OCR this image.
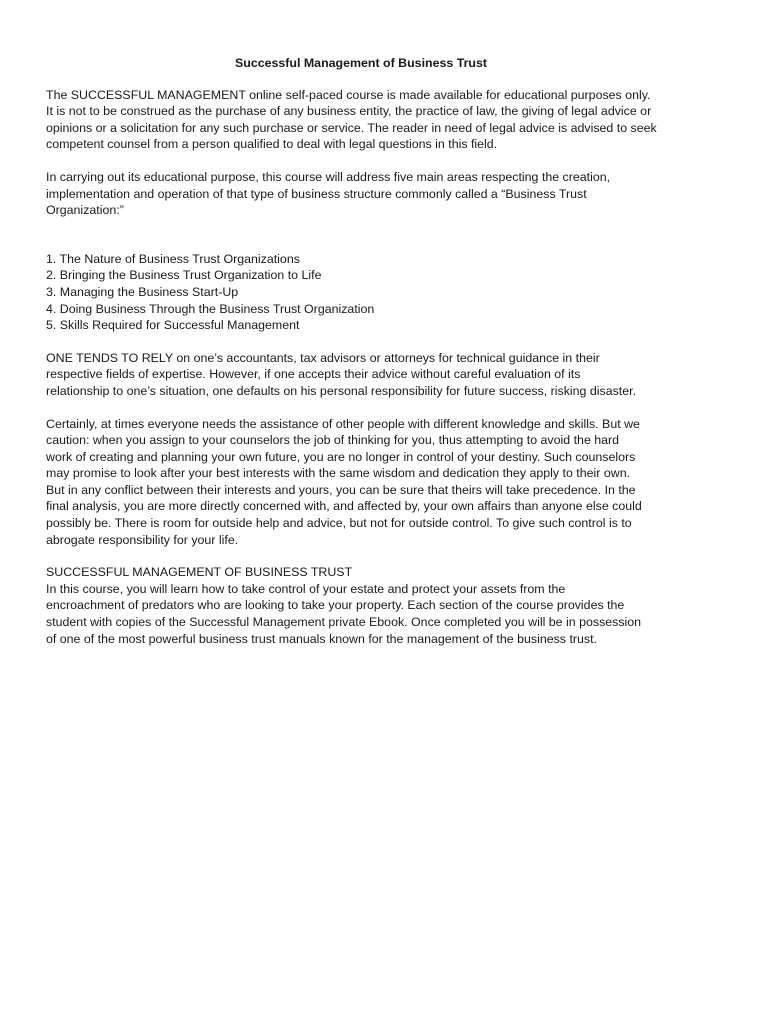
Successful Management of Business Trust
The SUCCESSFUL MANAGEMENT online self-paced course is made available for educational purposes only.
It is not to be construed as the purchase of any business entity, the practice of law, the giving of legal advice or
opinions or a solicitation for any such purchase or service. The reader in need of legal advice is advised to seek
competent counsel from a person qualified to deal with legal questions in this field.
In carrying out its educational purpose, this course will address five main areas respecting the creation,
implementation and operation of that type of business structure commonly called a “Business Trust
Organization:”
1. The Nature of Business Trust Organizations
2. Bringing the Business Trust Organization to Life
3. Managing the Business Start-Up
4. Doing Business Through the Business Trust Organization
5. Skills Required for Successful Management
ONE TENDS TO RELY on one’s accountants, tax advisors or attorneys for technical guidance in their
respective fields of expertise. However, if one accepts their advice without careful evaluation of its
relationship to one’s situation, one defaults on his personal responsibility for future success, risking disaster.
Certainly, at times everyone needs the assistance of other people with different knowledge and skills. But we
caution: when you assign to your counselors the job of thinking for you, thus attempting to avoid the hard
work of creating and planning your own future, you are no longer in control of your destiny. Such counselors
may promise to look after your best interests with the same wisdom and dedication they apply to their own.
But in any conflict between their interests and yours, you can be sure that theirs will take precedence. In the
final analysis, you are more directly concerned with, and affected by, your own affairs than anyone else could
possibly be. There is room for outside help and advice, but not for outside control. To give such control is to
abrogate responsibility for your life.
SUCCESSFUL MANAGEMENT OF BUSINESS TRUST
In this course, you will learn how to take control of your estate and protect your assets from the
encroachment of predators who are looking to take your property. Each section of the course provides the
student with copies of the Successful Management private Ebook. Once completed you will be in possession
of one of the most powerful business trust manuals known for the management of the business trust.
